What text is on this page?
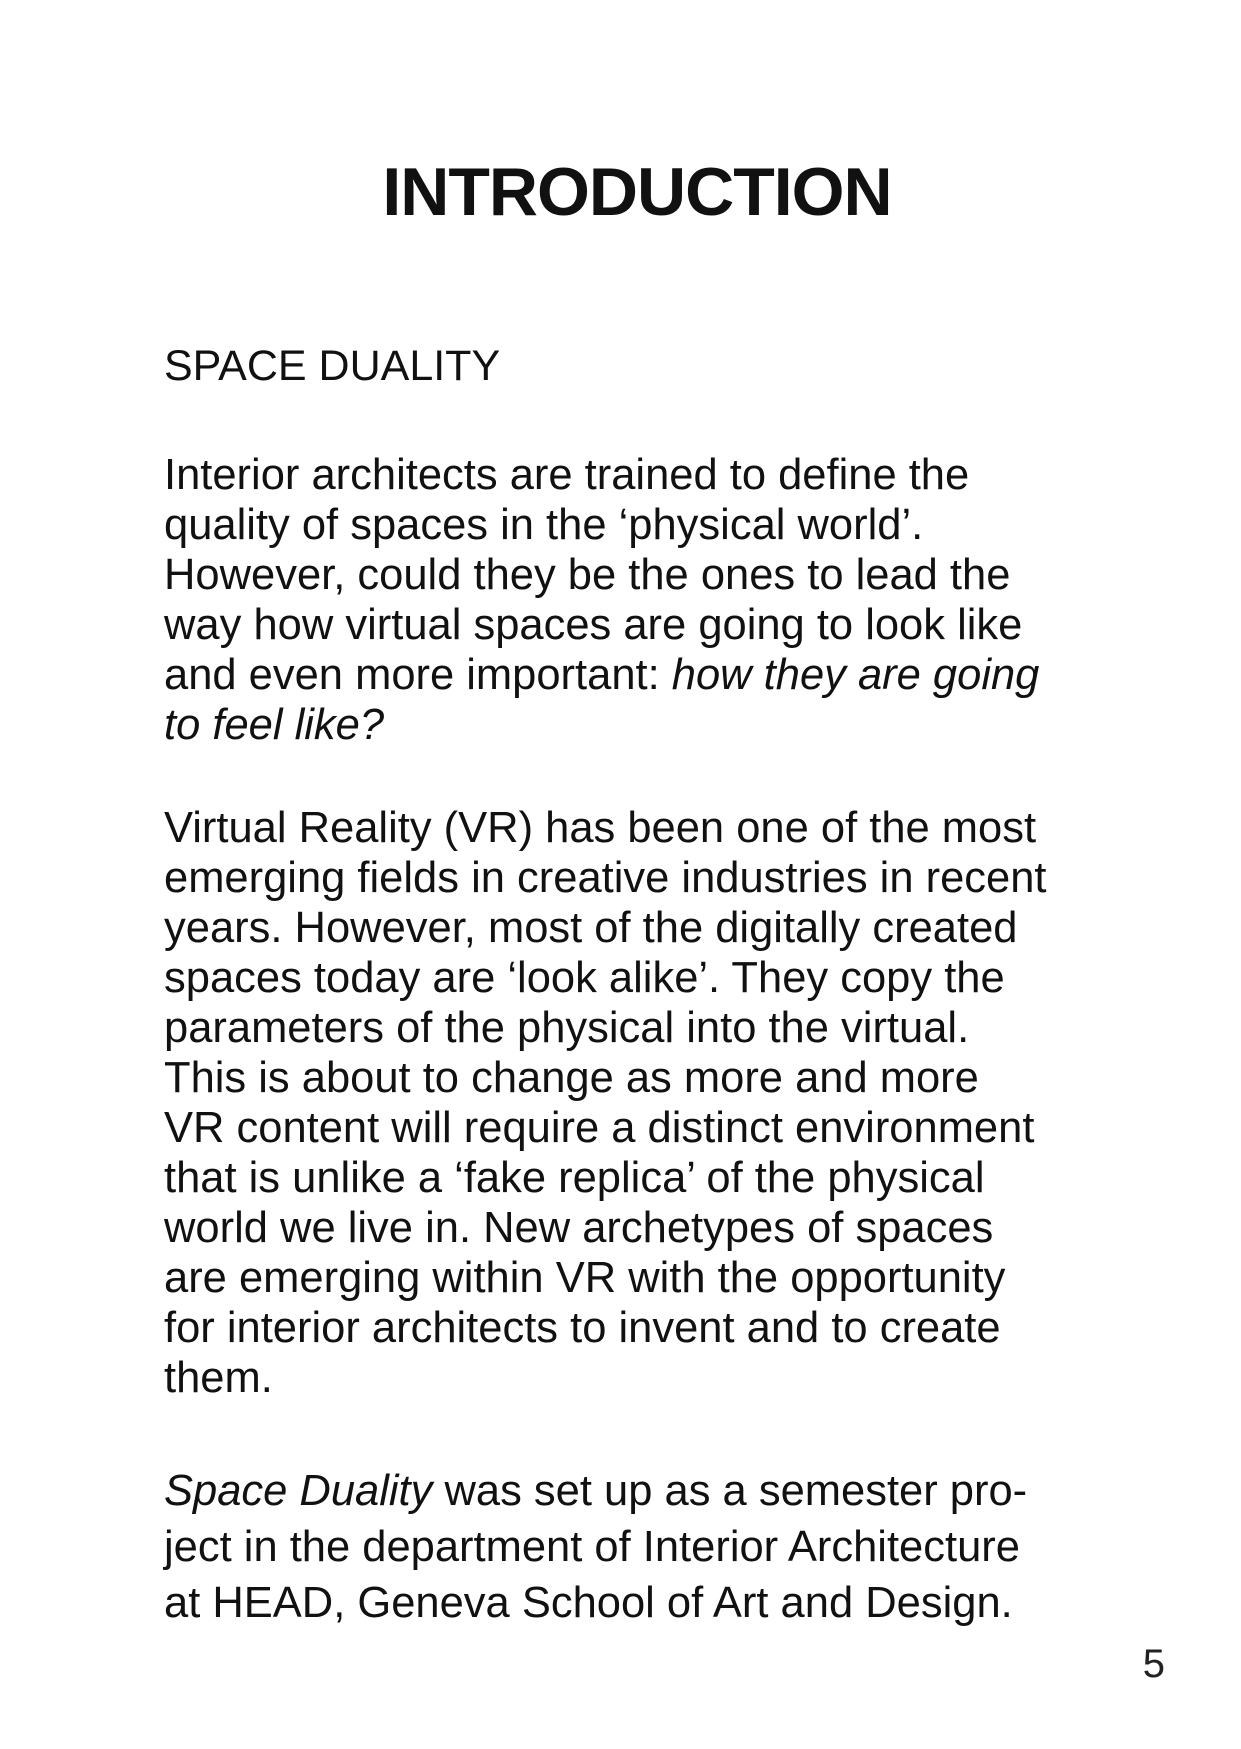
INTRODUCTION
SPACE DUALITY

Interior architects are trained to define the
quality of spaces in the ‘physical world’.
However, could they be the ones to lead the
way how virtual spaces are going to look like
and even more important: how they are going
to feel like?

Virtual Reality (VR) has been one of the most
emerging fields in creative industries in recent
years. However, most of the digitally created
spaces today are ‘look alike’. They copy the
parameters of the physical into the virtual.
This is about to change as more and more
VR content will require a distinct environment
that is unlike a ‘fake replica’ of the physical
world we live in. New archetypes of spaces
are emerging within VR with the opportunity
for interior architects to invent and to create
them.

Space Duality was set up as a semester pro-
ject in the department of Interior Architecture
at HEAD, Geneva School of Art and Design.

5
